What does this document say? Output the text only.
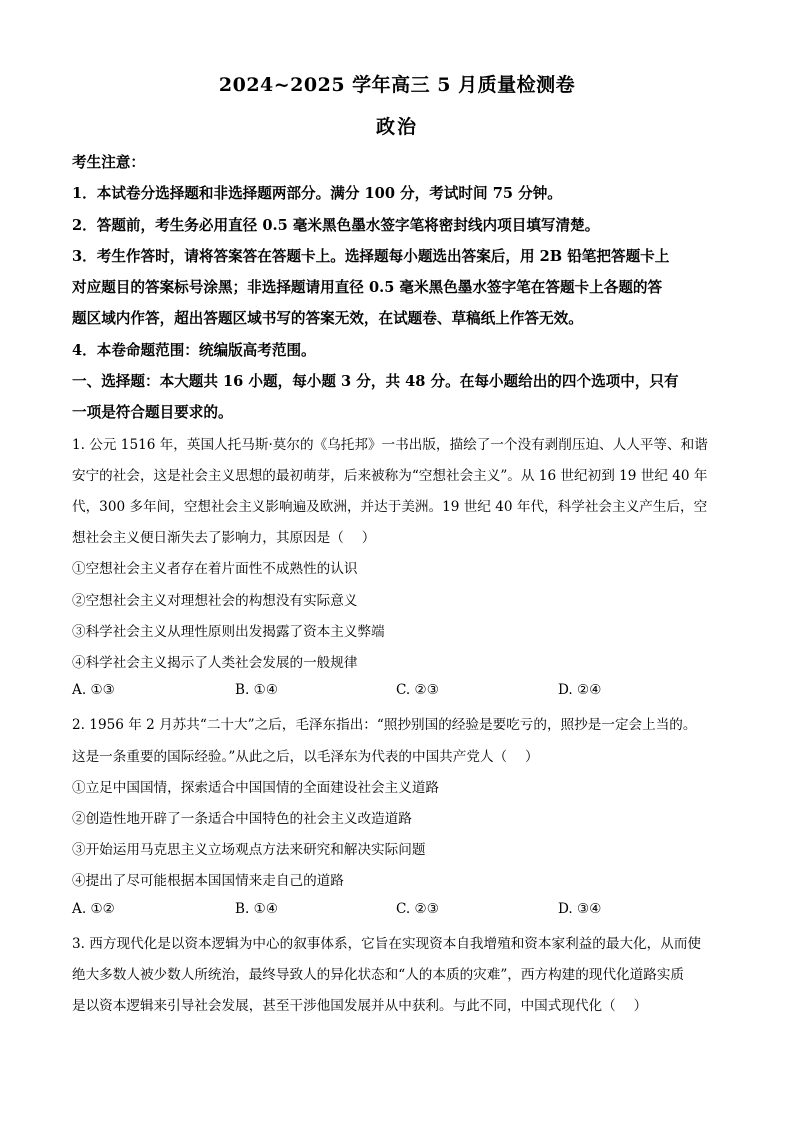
2024~2025 学年高三 5 月质量检测卷
政治
考生注意：
1．本试卷分选择题和非选择题两部分。满分 100 分，考试时间 75 分钟。
2．答题前，考生务必用直径 0.5 毫米黑色墨水签字笔将密封线内项目填写清楚。
3．考生作答时，请将答案答在答题卡上。选择题每小题选出答案后，用 2B 铅笔把答题卡上
对应题目的答案标号涂黑；非选择题请用直径 0.5 毫米黑色墨水签字笔在答题卡上各题的答
题区域内作答，超出答题区域书写的答案无效，在试题卷、草稿纸上作答无效。
4．本卷命题范围：统编版高考范围。
一、选择题：本大题共 16 小题，每小题 3 分，共 48 分。在每小题给出的四个选项中，只有
一项是符合题目要求的。
1. 公元 1516 年，英国人托马斯·莫尔的《乌托邦》一书出版，描绘了一个没有剥削压迫、人人平等、和谐
安宁的社会，这是社会主义思想的最初萌芽，后来被称为“空想社会主义”。从 16 世纪初到 19 世纪 40 年
代，300 多年间，空想社会主义影响遍及欧洲，并达于美洲。19 世纪 40 年代，科学社会主义产生后，空
想社会主义便日渐失去了影响力，其原因是（　 ）
①空想社会主义者存在着片面性不成熟性的认识
②空想社会主义对理想社会的构想没有实际意义
③科学社会主义从理性原则出发揭露了资本主义弊端
④科学社会主义揭示了人类社会发展的一般规律
A. ①③	B. ①④	C. ②③	D. ②④
2. 1956 年 2 月苏共“二十大”之后，毛泽东指出：“照抄别国的经验是要吃亏的，照抄是一定会上当的。
这是一条重要的国际经验。”从此之后，以毛泽东为代表的中国共产党人（　 ）
①立足中国国情，探索适合中国国情的全面建设社会主义道路
②创造性地开辟了一条适合中国特色的社会主义改造道路
③开始运用马克思主义立场观点方法来研究和解决实际问题
④提出了尽可能根据本国国情来走自己的道路
A. ①②	B. ①④	C. ②③	D. ③④
3. 西方现代化是以资本逻辑为中心的叙事体系，它旨在实现资本自我增殖和资本家利益的最大化，从而使
绝大多数人被少数人所统治，最终导致人的异化状态和“人的本质的灾难”，西方构建的现代化道路实质
是以资本逻辑来引导社会发展，甚至干涉他国发展并从中获利。与此不同，中国式现代化（　 ）
